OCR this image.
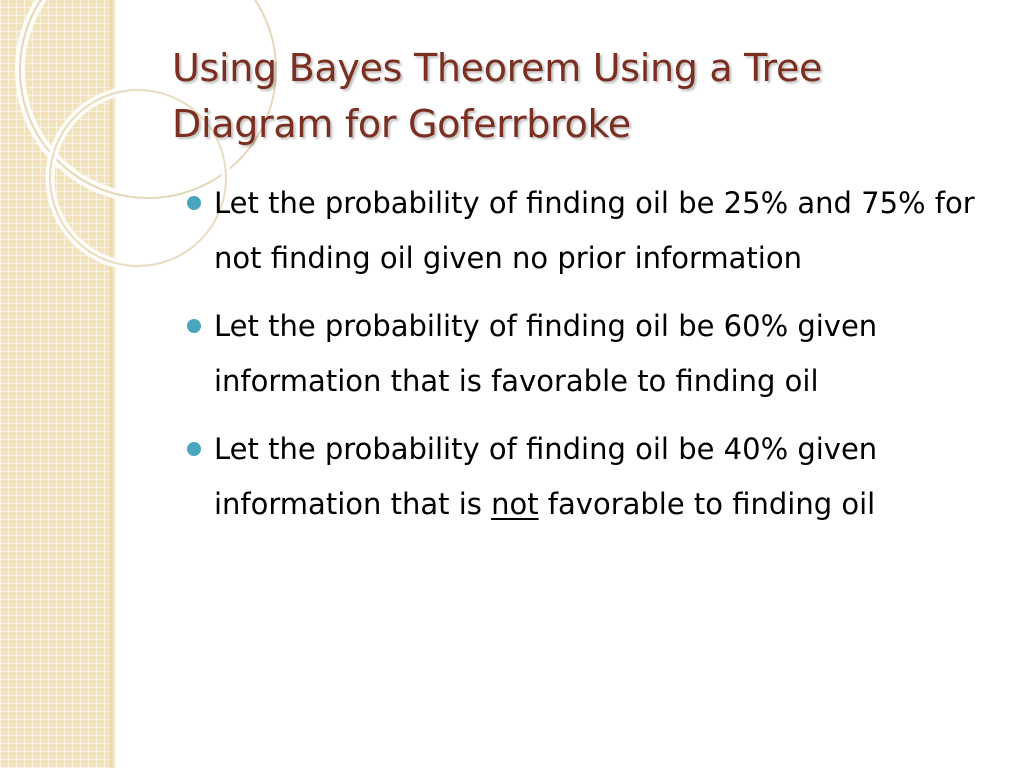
Using Bayes Theorem Using a Tree
Diagram for Goferrbroke
Let the probability of finding oil be 25% and 75% for not finding oil given no prior information
Let the probability of finding oil be 60% given information that is favorable to finding oil
Let the probability of finding oil be 40% given information that is not favorable to finding oil
